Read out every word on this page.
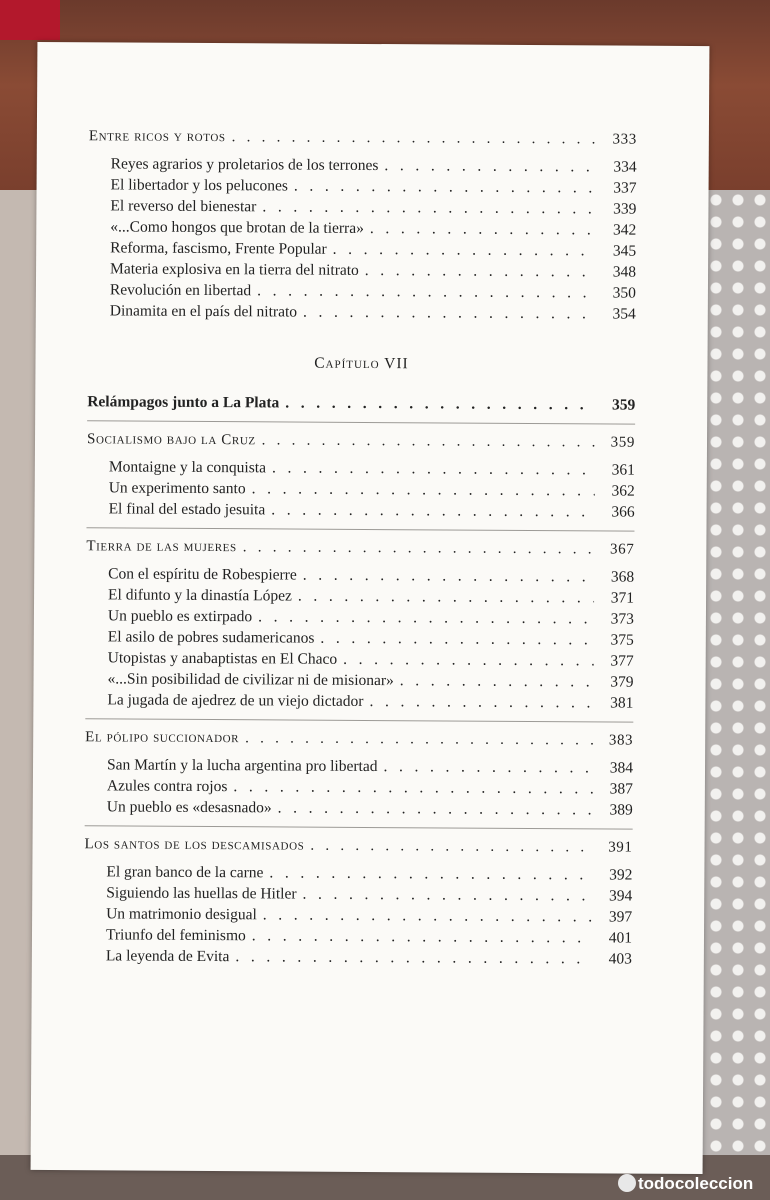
Entre ricos y rotos . .	333
Reyes agrarios y proletarios de los terrones . .	334
El libertador y los pelucones . .	337
El reverso del bienestar . .	339
«...Como hongos que brotan de la tierra» . .	342
Reforma, fascismo, Frente Popular . .	345
Materia explosiva en la tierra del nitrato . .	348
Revolución en libertad . .	350
Dinamita en el país del nitrato . .	354
Capítulo VII
Relámpagos junto a La Plata . .	359
Socialismo bajo la Cruz . .	359
Montaigne y la conquista . .	361
Un experimento santo . .	362
El final del estado jesuita . .	366
Tierra de las mujeres . .	367
Con el espíritu de Robespierre . .	368
El difunto y la dinastía López . .	371
Un pueblo es extirpado . .	373
El asilo de pobres sudamericanos . .	375
Utopistas y anabaptistas en El Chaco . .	377
«...Sin posibilidad de civilizar ni de misionar» . .	379
La jugada de ajedrez de un viejo dictador . .	381
El pólipo succionador . .	383
San Martín y la lucha argentina pro libertad . .	384
Azules contra rojos . .	387
Un pueblo es «desasnado» . .	389
Los santos de los descamisados . .	391
El gran banco de la carne . .	392
Siguiendo las huellas de Hitler . .	394
Un matrimonio desigual . .	397
Triunfo del feminismo . .	401
La leyenda de Evita . .	403
todocoleccion
